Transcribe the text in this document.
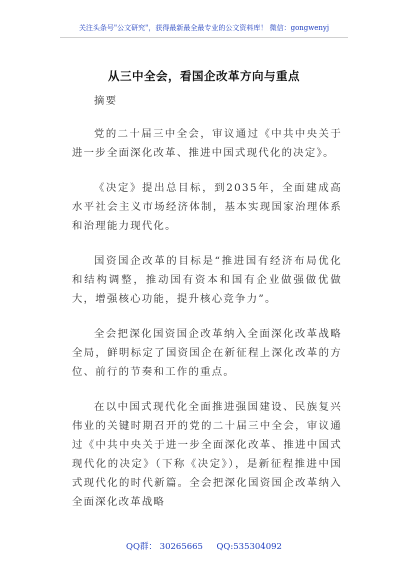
关注头条号"公文研究"，获得最新最全最专业的公文资料库！ 微信：gongwenyj
从三中全会，看国企改革方向与重点

摘要

党的二十届三中全会，审议通过《中共中央关于进一步全面深化改革、推进中国式现代化的决定》。

《决定》提出总目标，到2035年，全面建成高水平社会主义市场经济体制，基本实现国家治理体系和治理能力现代化。

国资国企改革的目标是“推进国有经济布局优化和结构调整，推动国有资本和国有企业做强做优做大，增强核心功能，提升核心竞争力”。

全会把深化国资国企改革纳入全面深化改革战略全局，鲜明标定了国资国企在新征程上深化改革的方位、前行的节奏和工作的重点。

在以中国式现代化全面推进强国建设、民族复兴伟业的关键时期召开的党的二十届三中全会，审议通过《中共中央关于进一步全面深化改革、推进中国式现代化的决定》（下称《决定》），是新征程推进中国式现代化的时代新篇。全会把深化国资国企改革纳入全面深化改革战略

QQ群： 30265665 QQ:535304092
